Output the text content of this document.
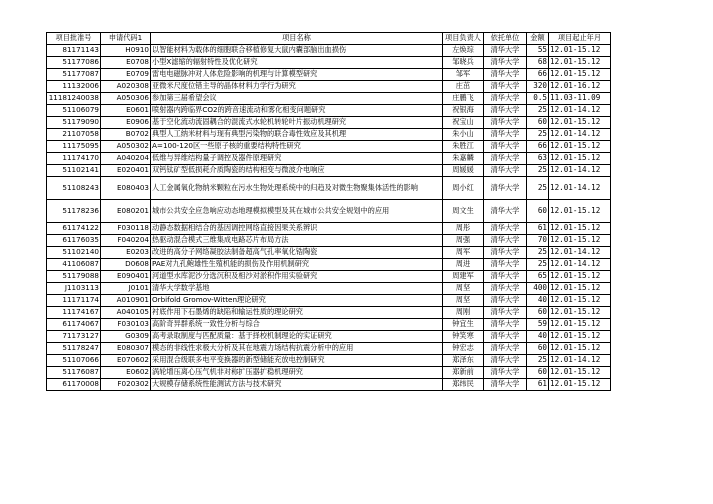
项目批准号	申请代码1	项目名称	项目负责人	依托单位	金额	项目起止年月
81171143	H0910	以智能材料为载体的细胞联合移植修复大鼠内囊部脑出血损伤	左焕琮	清华大学	55	12.01-15.12
51177086	E0708	小型X滤缩的辐射特性及优化研究	邹晓兵	清华大学	68	12.01-15.12
51177087	E0709	雷电电磁脉冲对人体危险影响的机理与计算模型研究	邹军	清华大学	66	12.01-15.12
11132006	A020308	亚微米尺度位错主导的晶体材料力学行为研究	庄茁	清华大学	320	12.01-16.12
11181240038	A050306	参加第三届希望会议	庄鹏飞	清华大学	0.5	11.03-11.09
51106079	E0601	喷射器内跨临界CO2的跨音速流动和雾化相变问题研究	祝银海	清华大学	25	12.01-14.12
51179090	E0906	基于空化流动流固耦合的混流式水轮机转轮叶片振动机理研究	祝宝山	清华大学	60	12.01-15.12
21107058	B0702	典型人工纳米材料与现有典型污染物的联合毒性效应及其机理	朱小山	清华大学	25	12.01-14.12
11175095	A050302	A=100-120区一些原子核的重要结构特性研究	朱胜江	清华大学	66	12.01-15.12
11174170	A040204	低维与异维结构量子调控及器件原理研究	朱嘉麟	清华大学	63	12.01-15.12
51102141	E020401	双钙钛矿型低损耗介质陶瓷的结构相变与微波介电响应	周媛媛	清华大学	25	12.01-14.12
51108243	E080403	人工金属氧化物纳米颗粒在污水生物处理系统中的归趋及对微生物聚集体活性的影响	周小红	清华大学	25	12.01-14.12
51178236	E080201	城市公共安全应急响应动态地理模拟模型及其在城市公共安全规划中的应用	周文生	清华大学	60	12.01-15.12
61174122	F030118	动静态数据相结合的基因调控网络直接因果关系辨识	周彤	清华大学	61	12.01-15.12
61176035	F040204	热驱动混合模式三维集成电路芯片布局方法	周强	清华大学	70	12.01-15.12
51102140	E0203	改进的高分子网络凝胶法制备超高气孔率氧化锆陶瓷	周军	清华大学	25	12.01-14.12
41106087	D0608	PAE对九孔鲍雄性生殖机能的损伤及作用机制研究	周进	清华大学	25	12.01-14.12
51179088	E090401	河道型水库泥沙分选沉积及相沙对淤积作用实验研究	周建军	清华大学	65	12.01-15.12
J1103113	J0101	清华大学数学基地	周坚	清华大学	400	12.01-15.12
11171174	A010901	Orbifold Gromov-Witten理论研究	周坚	清华大学	40	12.01-15.12
11174167	A040105	衬底作用下石墨烯的缺陷和输运性质的理论研究	周刚	清华大学	60	12.01-15.12
61174067	F030103	高阶奇异群系统一致性分析与综合	钟宜生	清华大学	59	12.01-15.12
71173127	G0309	高考录取制度与匹配质量：基于择校机制理论的实证研究	钟笑寒	清华大学	40	12.01-15.12
51178247	E080307	模态的非线性求极大分析及其在地震力场结构抗震分析中的应用	钟宏志	清华大学	60	12.01-15.12
51107066	E070602	采用混合级联多电平变换器的新型储能充放电控制研究	郑泽东	清华大学	25	12.01-14.12
51176087	E0602	涡轮增压离心压气机非对称扩压器扩稳机理研究	郑新前	清华大学	60	12.01-15.12
61170008	F020302	大规模存储系统性能测试方法与技术研究	郑纬民	清华大学	61	12.01-15.12
